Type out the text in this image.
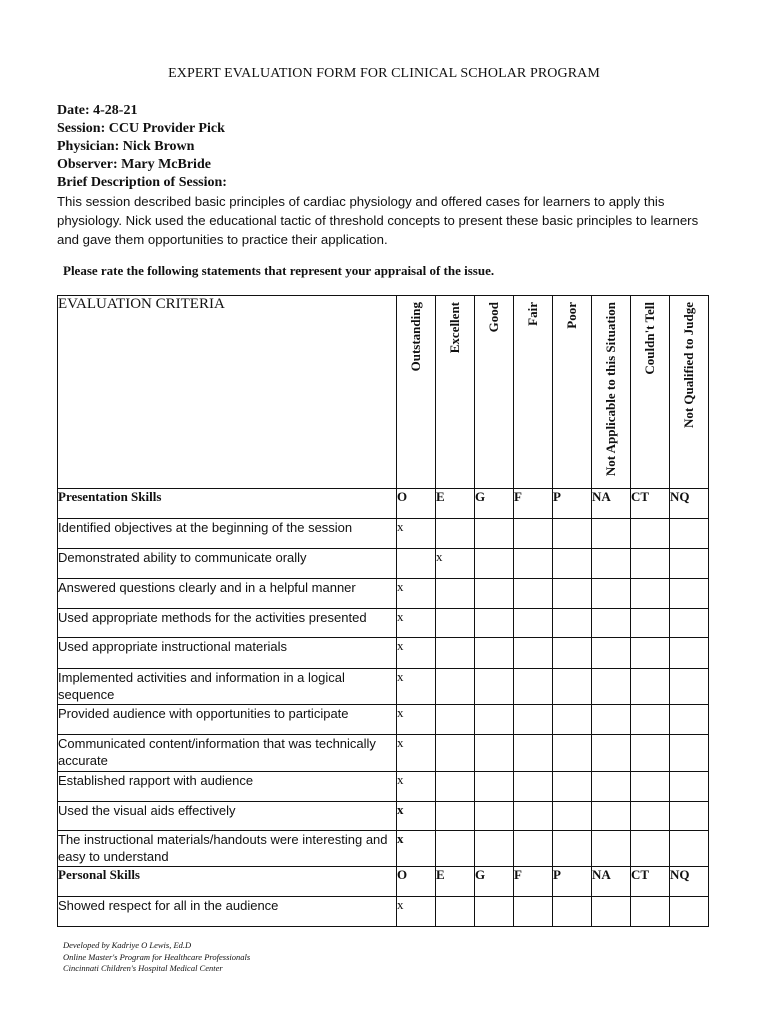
EXPERT EVALUATION FORM FOR CLINICAL SCHOLAR PROGRAM
Date: 4-28-21
Session: CCU Provider Pick
Physician: Nick Brown
Observer: Mary McBride
Brief Description of Session:
This session described basic principles of cardiac physiology and offered cases for learners to apply this physiology. Nick used the educational tactic of threshold concepts to present these basic principles to learners and gave them opportunities to practice their application.
Please rate the following statements that represent your appraisal of the issue.
EVALUATION CRITERIA	Outstanding	Excellent	Good	Fair	Poor	Not Applicable to this Situation	Couldn't Tell	Not Qualified to Judge

Presentation Skills	O	E	G	F	P	NA	CT	NQ
Identified objectives at the beginning of the session	x							
Demonstrated ability to communicate orally		x						
Answered questions clearly and in a helpful manner	x							
Used appropriate methods for the activities presented	x							
Used appropriate instructional materials	x							
Implemented activities and information in a logical sequence	x							
Provided audience with opportunities to participate	x							
Communicated content/information that was technically accurate	x							
Established rapport with audience	x							
Used the visual aids effectively	x							
The instructional materials/handouts were interesting and easy to understand	x							
Personal Skills	O	E	G	F	P	NA	CT	NQ
Showed respect for all in the audience	x							
Developed by Kadriye O Lewis, Ed.D
Online Master's Program for Healthcare Professionals
Cincinnati Children's Hospital Medical Center
